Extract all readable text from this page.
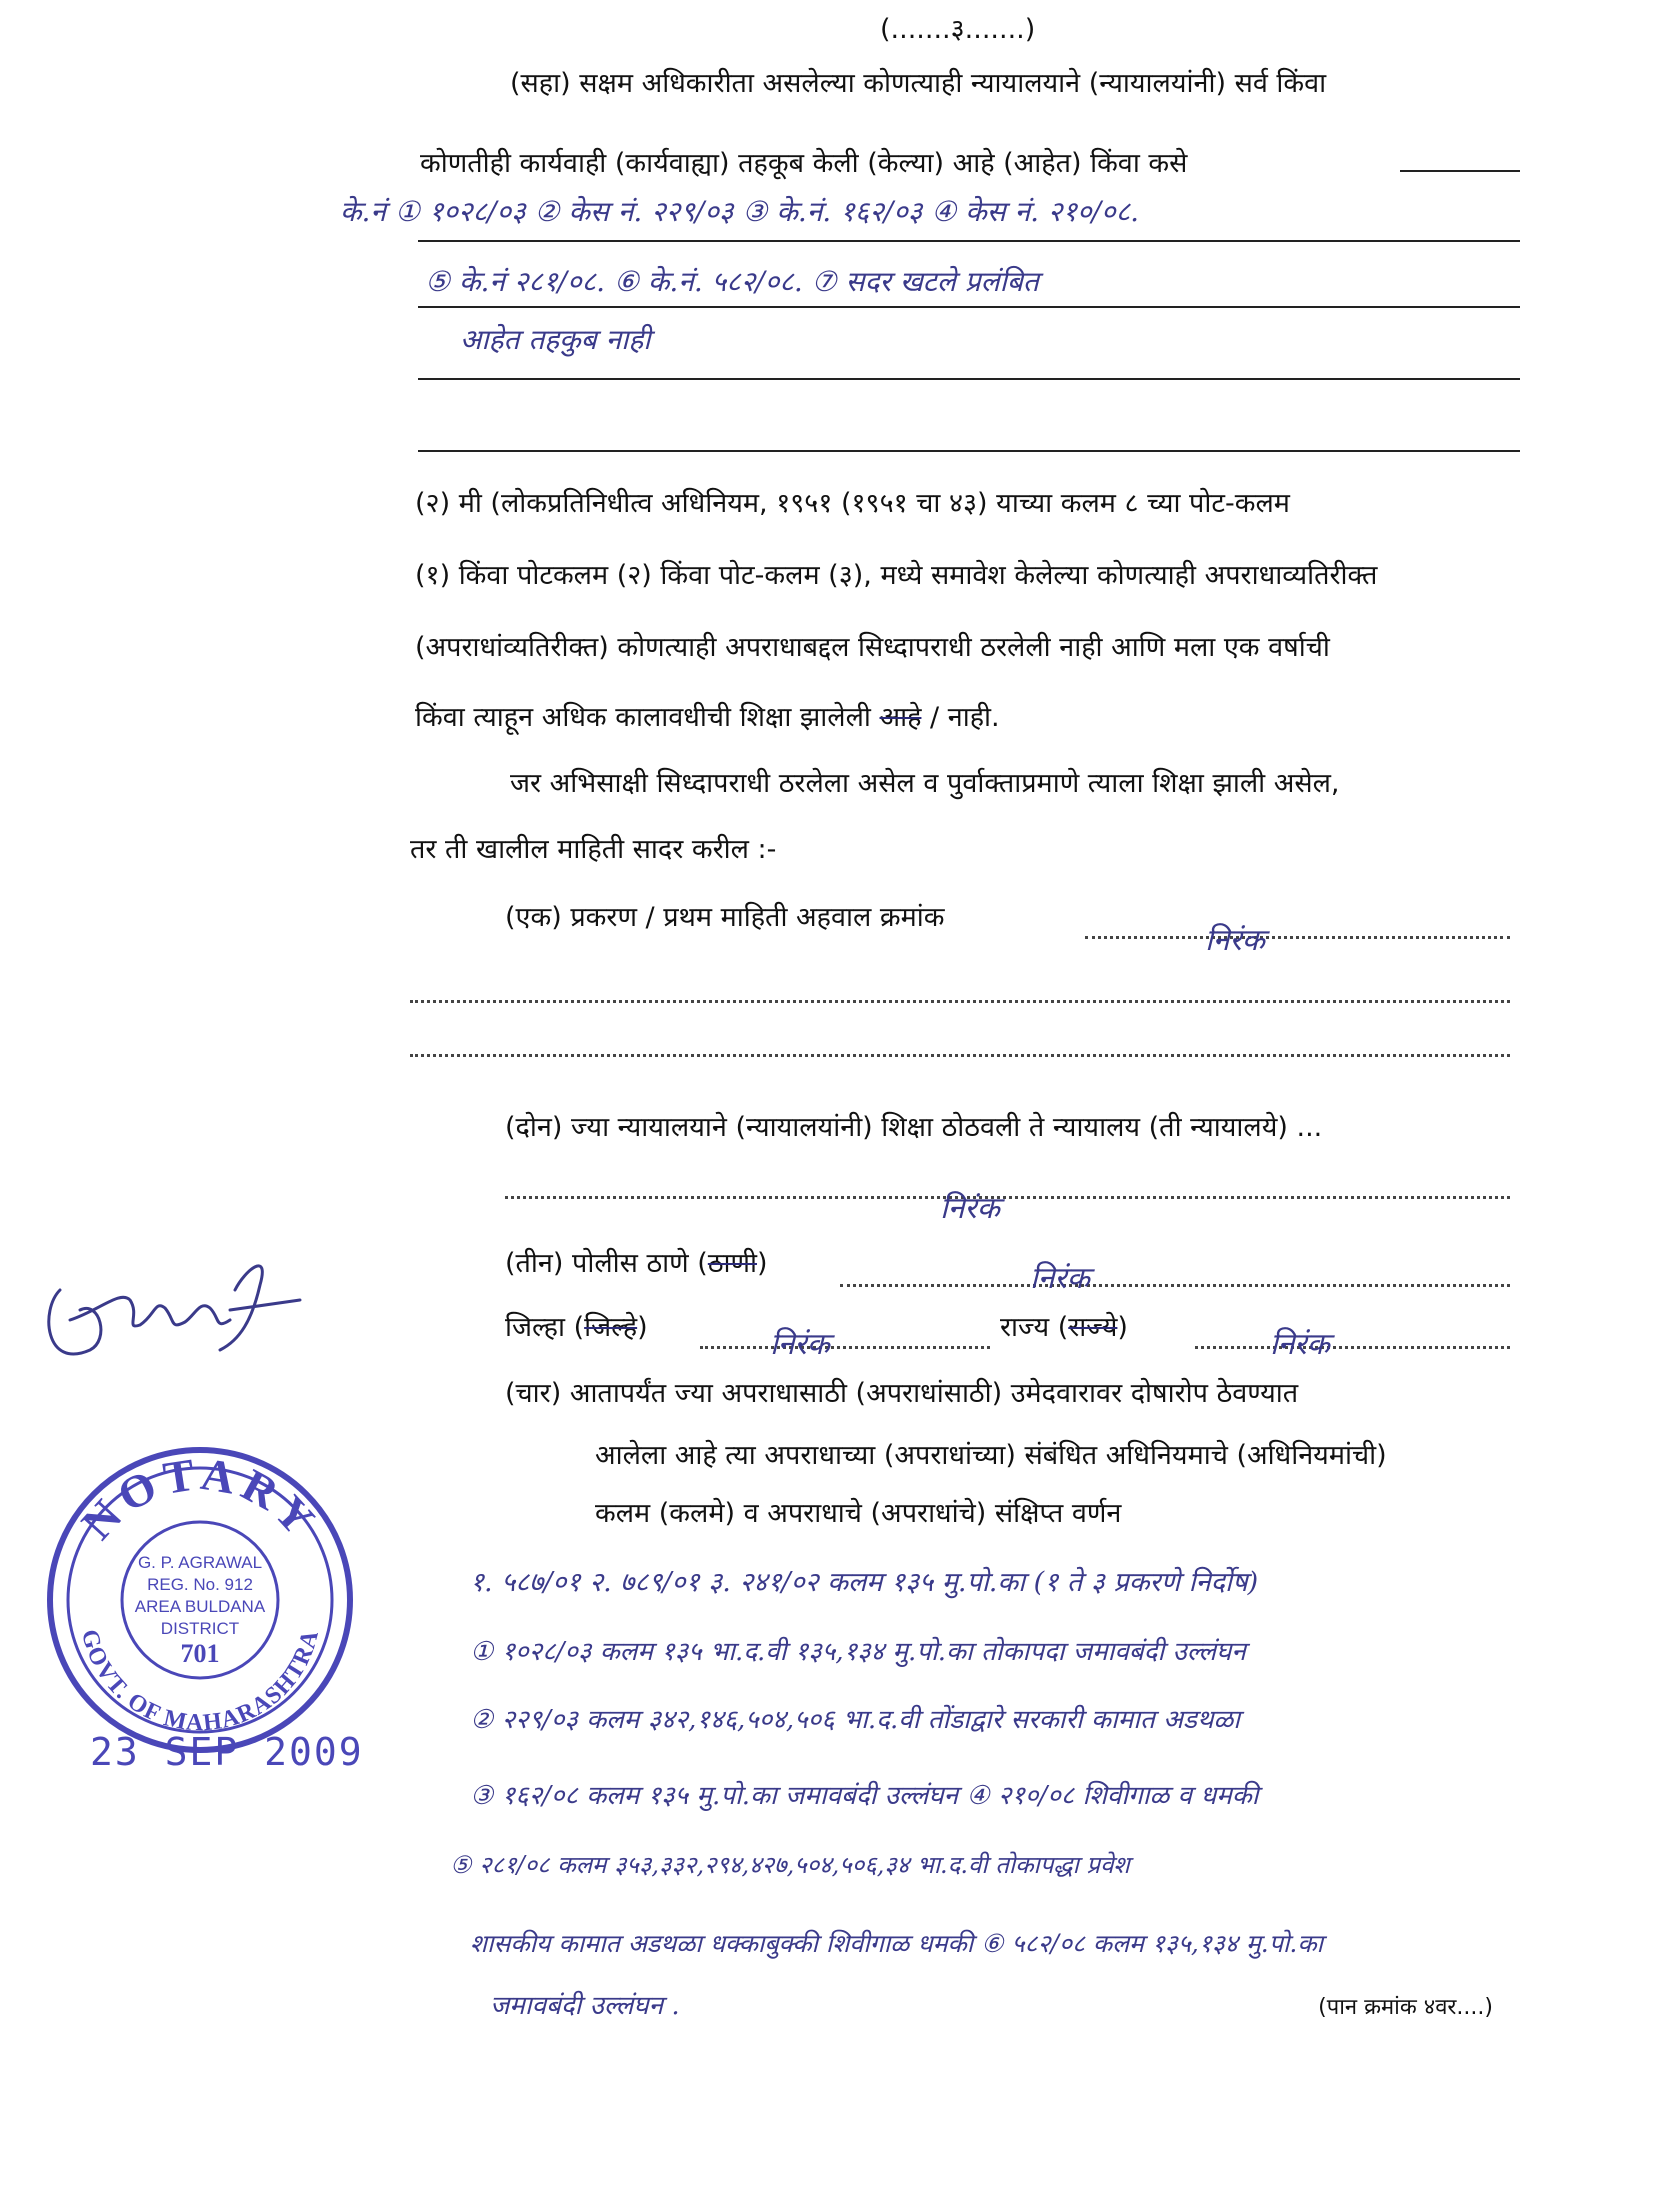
(.......३.......)
(सहा) सक्षम अधिकारीता असलेल्या कोणत्याही न्यायालयाने (न्यायालयांनी) सर्व किंवा
कोणतीही कार्यवाही (कार्यवाह्या) तहकूब केली (केल्या) आहे (आहेत) किंवा कसे
के.नं ① १०२८/०३ ② केस नं. २२९/०३ ③ के.नं. १६२/०३ ④ केस नं. २१०/०८.
⑤ के.नं २८१/०८. ⑥ के.नं. ५८२/०८. ⑦ सदर खटले प्रलंबित
आहेत तहकुब नाही
(२) मी (लोकप्रतिनिधीत्व अधिनियम, १९५१ (१९५१ चा ४३) याच्या कलम ८ च्या पोट-कलम
(१) किंवा पोटकलम (२) किंवा पोट-कलम (३), मध्ये समावेश केलेल्या कोणत्याही अपराधाव्यतिरीक्त
(अपराधांव्यतिरीक्त) कोणत्याही अपराधाबद्दल सिध्दापराधी ठरलेली नाही आणि मला एक वर्षाची
किंवा त्याहून अधिक कालावधीची शिक्षा झालेली आहे / नाही.
जर अभिसाक्षी सिध्दापराधी ठरलेला असेल व पुर्वाक्ताप्रमाणे त्याला शिक्षा झाली असेल,
तर ती खालील माहिती सादर करील :-
(एक) प्रकरण / प्रथम माहिती अहवाल क्रमांक
निरंक
(दोन) ज्या न्यायालयाने (न्यायालयांनी) शिक्षा ठोठवली ते न्यायालय (ती न्यायालये) ...
निरंक
(तीन) पोलीस ठाणे (ठाणी)	निरंक
जिल्हा (जिल्हे)	निरंक	राज्य (राज्ये)	निरंक
(चार) आतापर्यंत ज्या अपराधासाठी (अपराधांसाठी) उमेदवारावर दोषारोप ठेवण्यात
आलेला आहे त्या अपराधाच्या (अपराधांच्या) संबंधित अधिनियमाचे (अधिनियमांची)
कलम (कलमे) व अपराधाचे (अपराधांचे) संक्षिप्त वर्णन
१. ५८७/०१ २. ७८९/०१ ३. २४१/०२ कलम १३५ मु.पो.का (१ ते ३ प्रकरणे निर्दोष)
① १०२८/०३ कलम १३५ भा.द.वी १३५,१३४ मु.पो.का तोकापदा जमावबंदी उल्लंघन
② २२९/०३ कलम ३४२,१४६,५०४,५०६ भा.द.वी तोंडाद्वारे सरकारी कामात अडथळा
③ १६२/०८ कलम १३५ मु.पो.का जमावबंदी उल्लंघन ④ २१०/०८ शिवीगाळ व धमकी
⑤ २८१/०८ कलम ३५३,३३२,२९४,४२७,५०४,५०६,३४ भा.द.वी तोकापद्धा प्रवेश
शासकीय कामात अडथळा धक्काबुक्की शिवीगाळ धमकी ⑥ ५८२/०८ कलम १३५,१३४ मु.पो.का
जमावबंदी उल्लंघन .	(पान क्रमांक ४वर....)
NOTARY
GOVT. OF MAHARASHTRA
G. P. AGRAWAL
REG. No. 912
AREA BULDANA
DISTRICT
701
23 SEP 2009
